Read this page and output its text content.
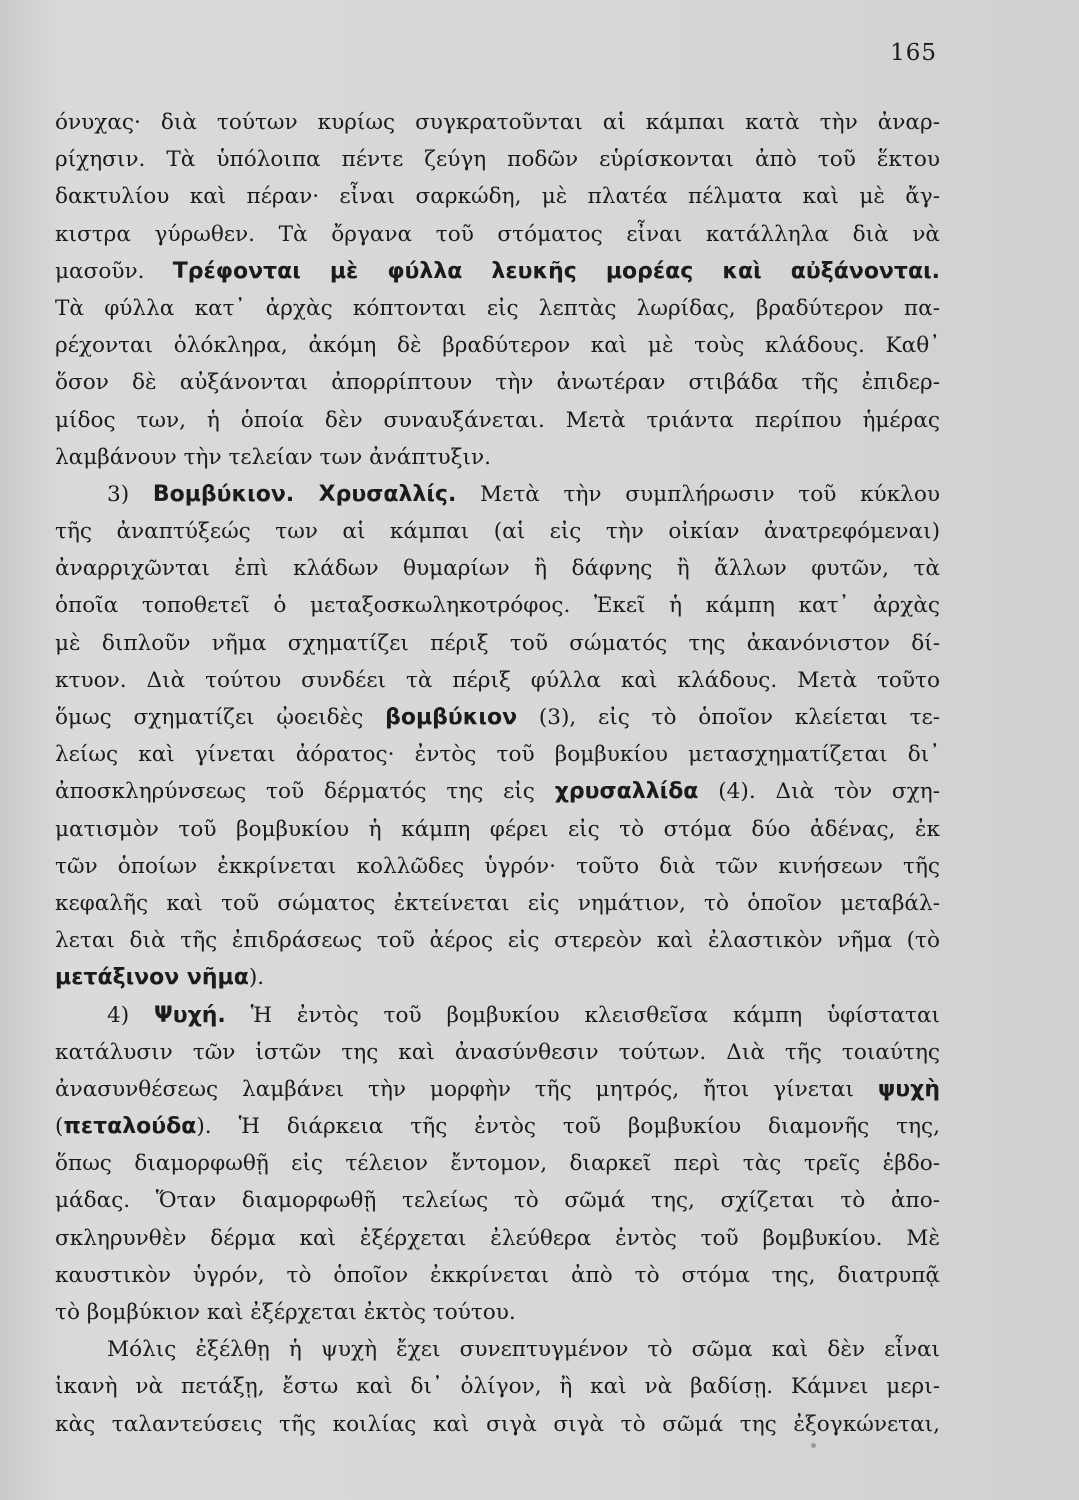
165
όνυχας· διὰ τούτων κυρίως συγκρατοῦνται αἱ κάμπαι κατὰ τὴν ἀναρ-
ρίχησιν. Τὰ ὑπόλοιπα πέντε ζεύγη ποδῶν εὑρίσκονται ἀπὸ τοῦ ἕκτου
δακτυλίου καὶ πέραν· εἶναι σαρκώδη, μὲ πλατέα πέλματα καὶ μὲ ἄγ-
κιστρα γύρωθεν. Τὰ ὄργανα τοῦ στόματος εἶναι κατάλληλα διὰ νὰ
μασοῦν. Τρέφονται μὲ φύλλα λευκῆς μορέας καὶ αὐξάνονται.
Τὰ φύλλα κατ᾽ ἀρχὰς κόπτονται εἰς λεπτὰς λωρίδας, βραδύτερον πα-
ρέχονται ὁλόκληρα, ἀκόμη δὲ βραδύτερον καὶ μὲ τοὺς κλάδους. Καθ᾽
ὅσον δὲ αὐξάνονται ἀπορρίπτουν τὴν ἀνωτέραν στιβάδα τῆς ἐπιδερ-
μίδος των, ἡ ὁποία δὲν συναυξάνεται. Μετὰ τριάντα περίπου ἡμέρας
λαμβάνουν τὴν τελείαν των ἀνάπτυξιν.
3) Βομβύκιον. Χρυσαλλίς. Μετὰ τὴν συμπλήρωσιν τοῦ κύκλου
τῆς ἀναπτύξεώς των αἱ κάμπαι (αἱ εἰς τὴν οἰκίαν ἀνατρεφόμεναι)
ἀναρριχῶνται ἐπὶ κλάδων θυμαρίων ἢ δάφνης ἢ ἄλλων φυτῶν, τὰ
ὁποῖα τοποθετεῖ ὁ μεταξοσκωληκοτρόφος. Ἐκεῖ ἡ κάμπη κατ᾽ ἀρχὰς
μὲ διπλοῦν νῆμα σχηματίζει πέριξ τοῦ σώματός της ἀκανόνιστον δί-
κτυον. Διὰ τούτου συνδέει τὰ πέριξ φύλλα καὶ κλάδους. Μετὰ τοῦτο
ὅμως σχηματίζει ᾠοειδὲς βομβύκιον (3), εἰς τὸ ὁποῖον κλείεται τε-
λείως καὶ γίνεται ἀόρατος· ἐντὸς τοῦ βομβυκίου μετασχηματίζεται δι᾽
ἀποσκληρύνσεως τοῦ δέρματός της εἰς χρυσαλλίδα (4). Διὰ τὸν σχη-
ματισμὸν τοῦ βομβυκίου ἡ κάμπη φέρει εἰς τὸ στόμα δύο ἀδένας, ἐκ
τῶν ὁποίων ἐκκρίνεται κολλῶδες ὑγρόν· τοῦτο διὰ τῶν κινήσεων τῆς
κεφαλῆς καὶ τοῦ σώματος ἐκτείνεται εἰς νημάτιον, τὸ ὁποῖον μεταβάλ-
λεται διὰ τῆς ἐπιδράσεως τοῦ ἀέρος εἰς στερεὸν καὶ ἐλαστικὸν νῆμα (τὸ
μετάξινον νῆμα).
4) Ψυχή. Ἡ ἐντὸς τοῦ βομβυκίου κλεισθεῖσα κάμπη ὑφίσταται
κατάλυσιν τῶν ἱστῶν της καὶ ἀνασύνθεσιν τούτων. Διὰ τῆς τοιαύτης
ἀνασυνθέσεως λαμβάνει τὴν μορφὴν τῆς μητρός, ἤτοι γίνεται ψυχὴ
(πεταλούδα). Ἡ διάρκεια τῆς ἐντὸς τοῦ βομβυκίου διαμονῆς της,
ὅπως διαμορφωθῇ εἰς τέλειον ἔντομον, διαρκεῖ περὶ τὰς τρεῖς ἑβδο-
μάδας. Ὅταν διαμορφωθῇ τελείως τὸ σῶμά της, σχίζεται τὸ ἀπο-
σκληρυνθὲν δέρμα καὶ ἐξέρχεται ἐλεύθερα ἐντὸς τοῦ βομβυκίου. Μὲ
καυστικὸν ὑγρόν, τὸ ὁποῖον ἐκκρίνεται ἀπὸ τὸ στόμα της, διατρυπᾷ
τὸ βομβύκιον καὶ ἐξέρχεται ἐκτὸς τούτου.
Μόλις ἐξέλθῃ ἡ ψυχὴ ἔχει συνεπτυγμένον τὸ σῶμα καὶ δὲν εἶναι
ἱκανὴ νὰ πετάξῃ, ἔστω καὶ δι᾽ ὀλίγον, ἢ καὶ νὰ βαδίσῃ. Κάμνει μερι-
κὰς ταλαντεύσεις τῆς κοιλίας καὶ σιγὰ σιγὰ τὸ σῶμά της ἐξογκώνεται,
